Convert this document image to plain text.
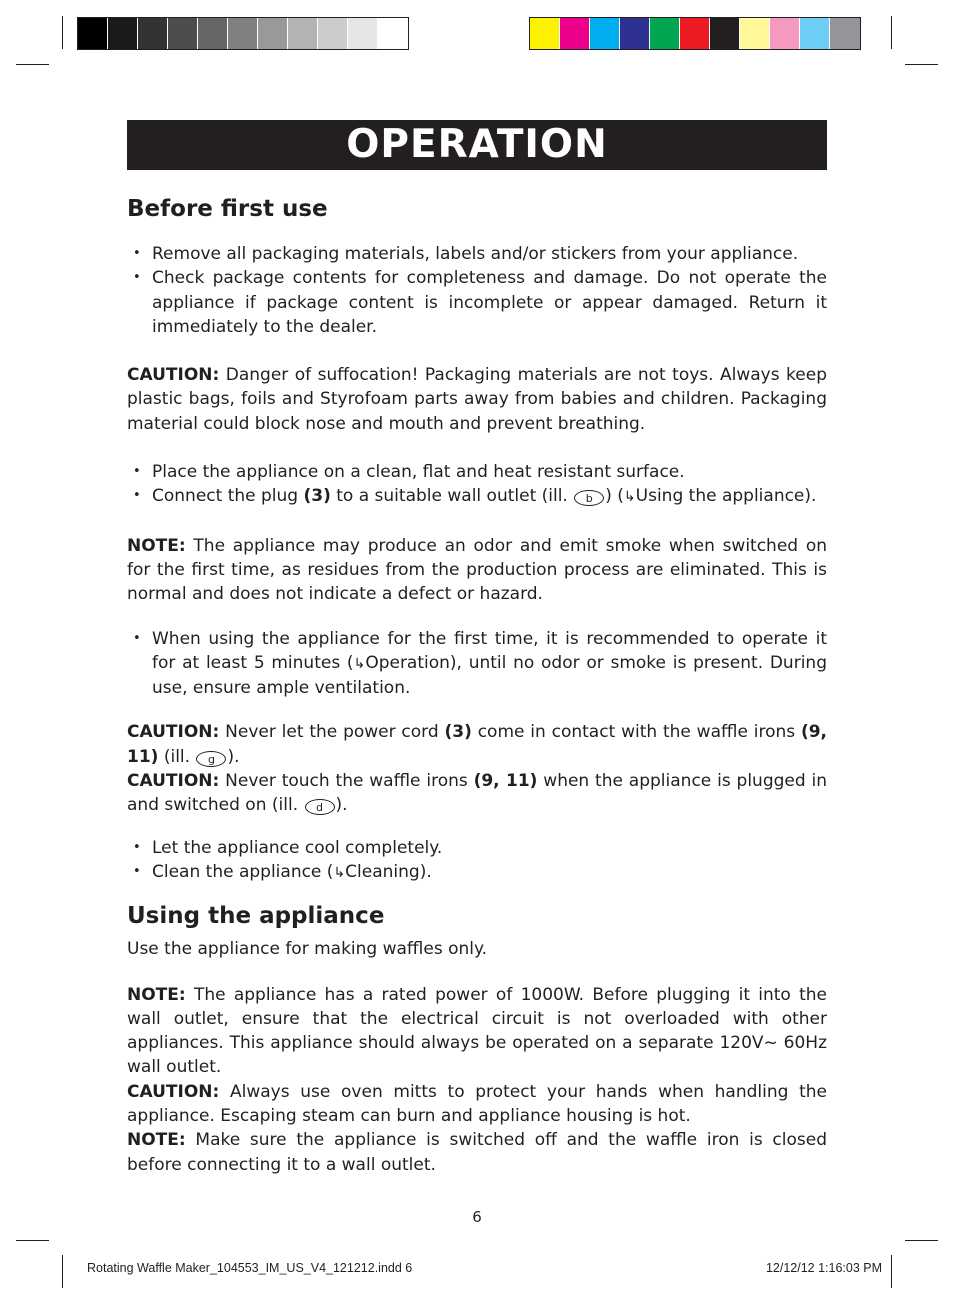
OPERATION
Before first use
• Remove all packaging materials, labels and/or stickers from your appliance.
• Check package contents for completeness and damage. Do not operate the appliance if package content is incomplete or appear damaged. Return it immediately to the dealer.

CAUTION: Danger of suffocation! Packaging materials are not toys. Always keep plastic bags, foils and Styrofoam parts away from babies and children. Packaging material could block nose and mouth and prevent breathing.

• Place the appliance on a clean, flat and heat resistant surface.
• Connect the plug (3) to a suitable wall outlet (ill. b ) (↳Using the appliance).

NOTE: The appliance may produce an odor and emit smoke when switched on for the first time, as residues from the production process are eliminated. This is normal and does not indicate a defect or hazard.

• When using the appliance for the first time, it is recommended to operate it for at least 5 minutes (↳Operation), until no odor or smoke is present. During use, ensure ample ventilation.

CAUTION: Never let the power cord (3) come in contact with the waffle irons (9, 11) (ill. g ).

CAUTION: Never touch the waffle irons (9, 11) when the appliance is plugged in and switched on (ill. d ).

• Let the appliance cool completely.
• Clean the appliance (↳Cleaning).
Using the appliance

Use the appliance for making waffles only.

NOTE: The appliance has a rated power of 1000W. Before plugging it into the wall outlet, ensure that the electrical circuit is not overloaded with other appliances. This appliance should always be operated on a separate 120V~ 60Hz wall outlet.

CAUTION: Always use oven mitts to protect your hands when handling the appliance. Escaping steam can burn and appliance housing is hot.

NOTE: Make sure the appliance is switched off and the waffle iron is closed before connecting it to a wall outlet.

6
Rotating Waffle Maker_104553_IM_US_V4_121212.indd 6	12/12/12 1:16:03 PM
